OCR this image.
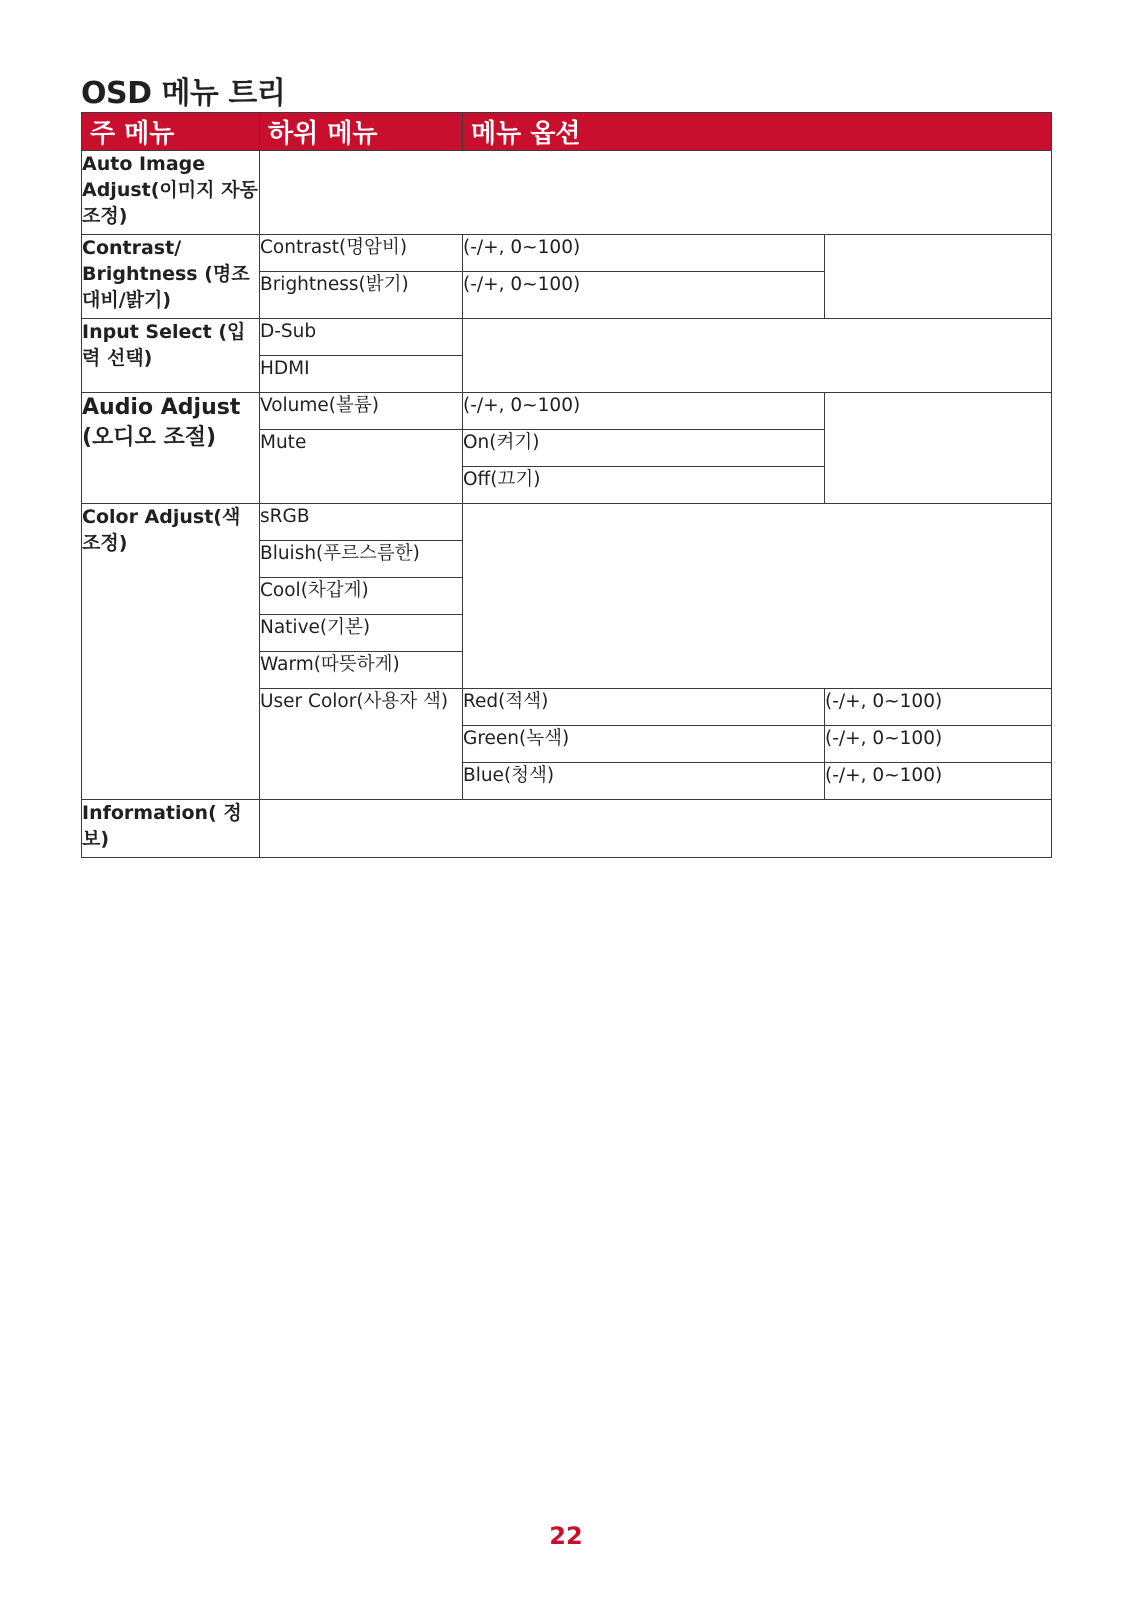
OSD 메뉴 트리
주 메뉴	하위 메뉴	메뉴 옵션	
Auto Image Adjust(이미지 자동 조정)			
Contrast/ Brightness (명조 대비/밝기)	Contrast(명암비)	(-/+, 0~100)	
	Brightness(밝기)	(-/+, 0~100)	
Input Select (입력 선택)	D-Sub		
	HDMI		
Audio Adjust (오디오 조절)	Volume(볼륨)	(-/+, 0~100)	
	Mute	On(켜기)	
		Off(끄기)	
Color Adjust(색 조정)	sRGB		
	Bluish(푸르스름한)		
	Cool(차갑게)		
	Native(기본)		
	Warm(따뜻하게)		
	User Color(사용자 색)	Red(적색)	(-/+, 0~100)
		Green(녹색)	(-/+, 0~100)
		Blue(청색)	(-/+, 0~100)
Information( 정보)			
22
